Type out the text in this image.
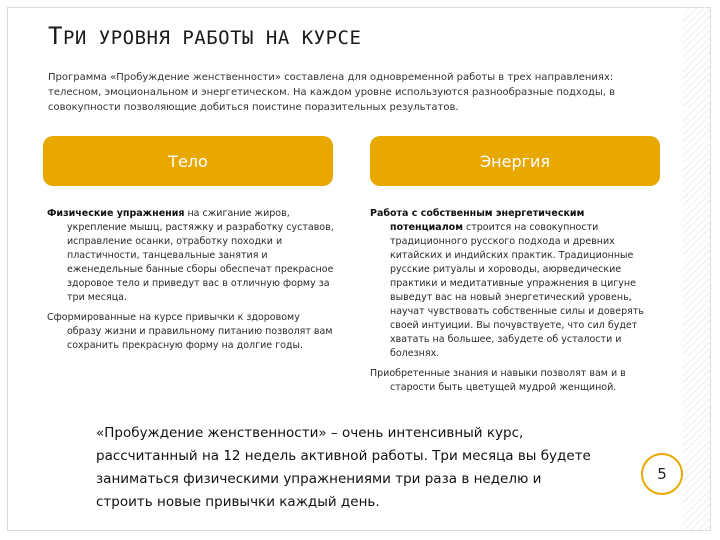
ТРИ УРОВНЯ РАБОТЫ НА КУРСЕ

Программа «Пробуждение женственности» составлена для одновременной работы в трех направлениях: телесном, эмоциональном и энергетическом. На каждом уровне используются разнообразные подходы, в совокупности позволяющие добиться поистине поразительных результатов.

Тело	Энергия

Физические упражнения на сжигание жиров, укрепление мышц, растяжку и разработку суставов, исправление осанки, отработку походки и пластичности, танцевальные занятия и еженедельные банные сборы обеспечат прекрасное здоровое тело и приведут вас в отличную форму за три месяца.

Сформированные на курсе привычки к здоровому образу жизни и правильному питанию позволят вам сохранить прекрасную форму на долгие годы.

Работа с собственным энергетическим потенциалом строится на совокупности традиционного русского подхода и древних китайских и индийских практик. Традиционные русские ритуалы и хороводы, аюрведические практики и медитативные упражнения в цигуне выведут вас на новый энергетический уровень, научат чувствовать собственные силы и доверять своей интуиции. Вы почувствуете, что сил будет хватать на большее, забудете об усталости и болезнях.

Приобретенные знания и навыки позволят вам и в старости быть цветущей мудрой женщиной.

«Пробуждение женственности» – очень интенсивный курс, рассчитанный на 12 недель активной работы. Три месяца вы будете заниматься физическими упражнениями три раза в неделю и строить новые привычки каждый день.

5
